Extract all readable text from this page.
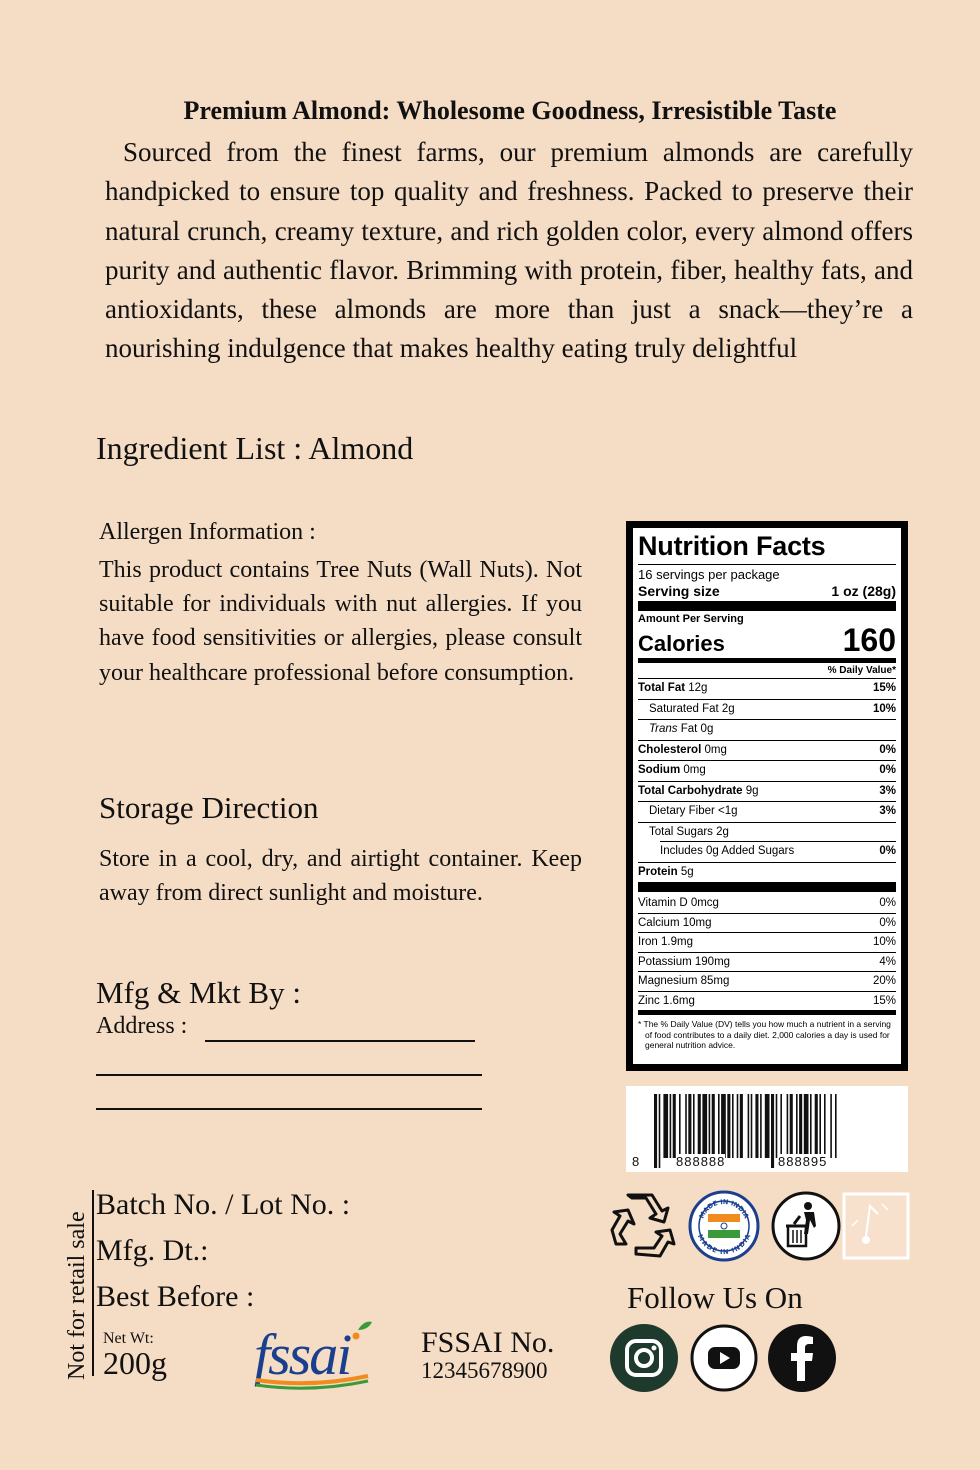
Premium Almond: Wholesome Goodness, Irresistible Taste
Sourced from the finest farms, our premium almonds are carefully handpicked to ensure top quality and freshness. Packed to preserve their natural crunch, creamy texture, and rich golden color, every almond offers purity and authentic flavor. Brimming with protein, fiber, healthy fats, and antioxidants, these almonds are more than just a snack—they’re a nourishing indulgence that makes healthy eating truly delightful
Ingredient List : Almond
Allergen Information :
This product contains Tree Nuts (Wall Nuts). Not suitable for individuals with nut allergies. If you have food sensitivities or allergies, please consult your healthcare professional before consumption.
Storage Direction
Store in a cool, dry, and airtight container. Keep away from direct sunlight and moisture.
Mfg & Mkt By :
Address :
Nutrition Facts
16 servings per package
Serving size	1 oz (28g)
Amount Per Serving
Calories	160
% Daily Value*
Total Fat 12g	15%
Saturated Fat 2g	10%
Trans Fat 0g
Cholesterol 0mg	0%
Sodium 0mg	0%
Total Carbohydrate 9g	3%
Dietary Fiber <1g	3%
Total Sugars 2g
Includes 0g Added Sugars	0%
Protein 5g
Vitamin D 0mcg	0%
Calcium 10mg	0%
Iron 1.9mg	10%
Potassium 190mg	4%
Magnesium 85mg	20%
Zinc 1.6mg	15%
* The % Daily Value (DV) tells you how much a nutrient in a serving of food contributes to a daily diet. 2,000 calories a day is used for general nutrition advice.
8	888888	888895
Not for retail sale
Batch No. / Lot No. :
Mfg. Dt.:
Best Before :
Net Wt:
200g fssai FSSAI No.
12345678900
MADE IN INDIA
MADE IN INDIA
Follow Us On
